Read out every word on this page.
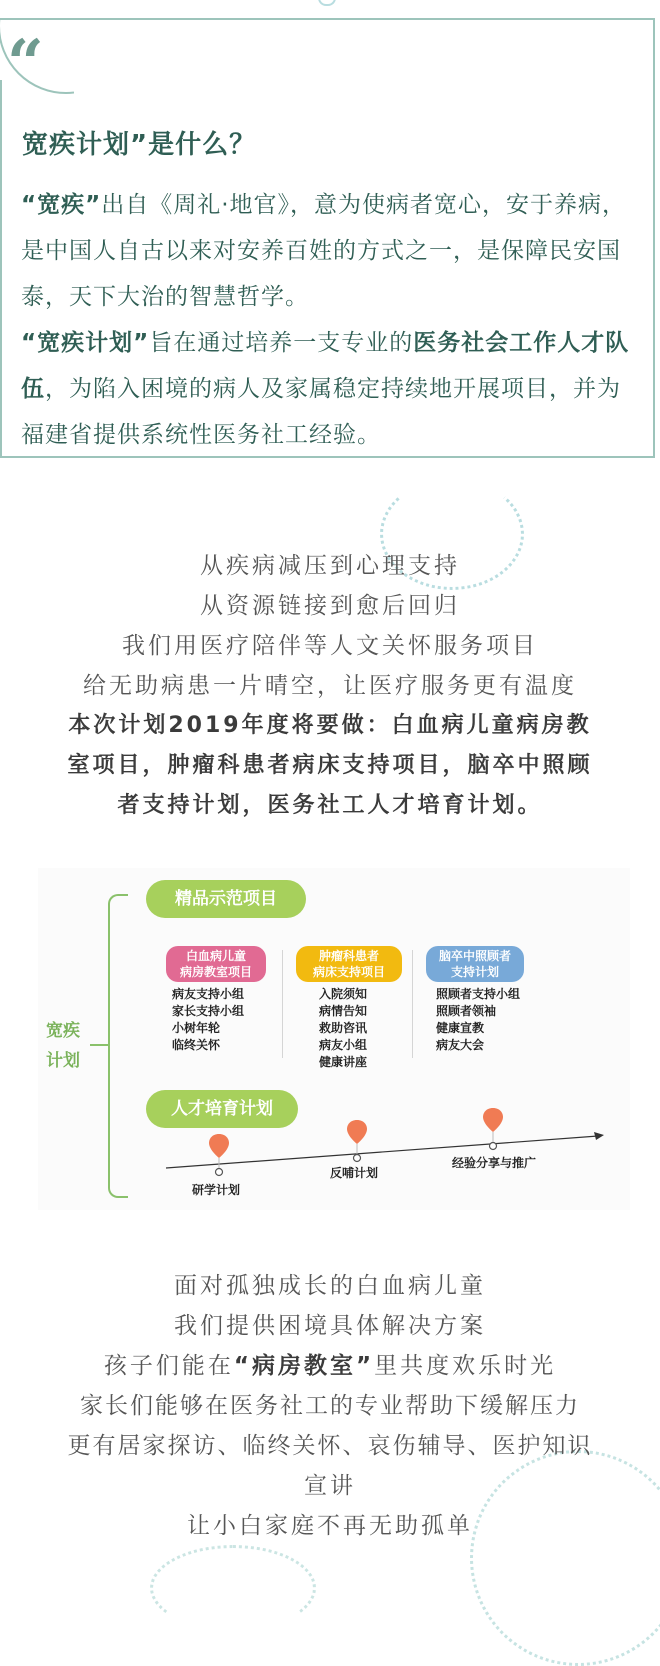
“
宽疾计划”是什么？

“宽疾”出自《周礼·地官》，意为使病者宽心，安于养病，是中国人自古以来对安养百姓的方式之一，是保障民安国泰，天下大治的智慧哲学。

“宽疾计划”旨在通过培养一支专业的医务社会工作人才队伍，为陷入困境的病人及家属稳定持续地开展项目，并为福建省提供系统性医务社工经验。

从疾病减压到心理支持
从资源链接到愈后回归
我们用医疗陪伴等人文关怀服务项目
给无助病患一片晴空，让医疗服务更有温度
本次计划2019年度将要做：白血病儿童病房教
室项目，肿瘤科患者病床支持项目，脑卒中照顾
者支持计划，医务社工人才培育计划。
宽疾
计划
精品示范项目
白血病儿童
病房教室项目
肿瘤科患者
病床支持项目
脑卒中照顾者
支持计划
病友支持小组
家长支持小组
小树年轮
临终关怀
入院须知
病情告知
救助咨讯
病友小组
健康讲座
照顾者支持小组
照顾者领袖
健康宣教
病友大会
人才培育计划
研学计划
反哺计划
经验分享与推广
面对孤独成长的白血病儿童
我们提供困境具体解决方案
孩子们能在“病房教室”里共度欢乐时光
家长们能够在医务社工的专业帮助下缓解压力
更有居家探访、临终关怀、哀伤辅导、医护知识
宣讲
让小白家庭不再无助孤单
